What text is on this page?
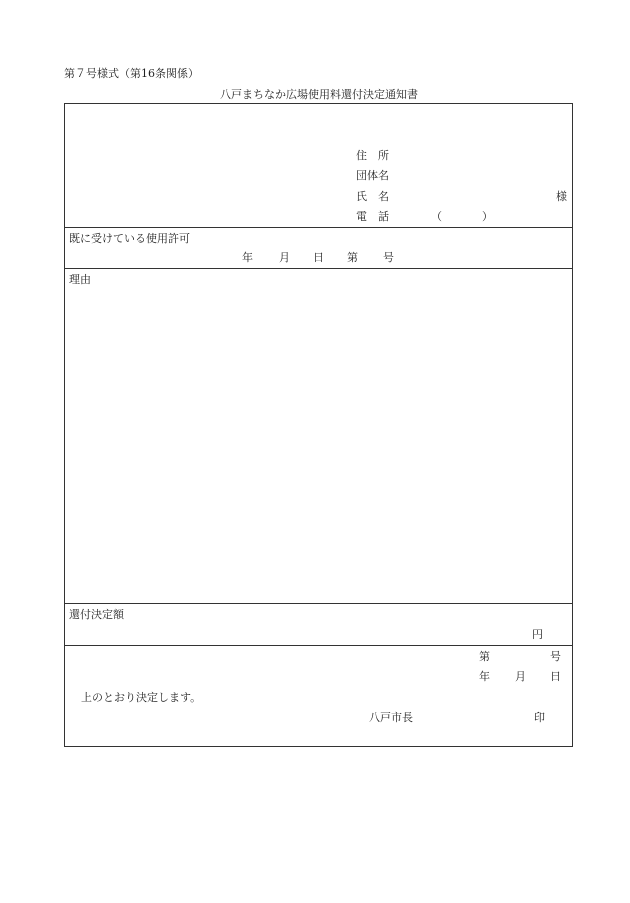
第７号様式（第16条関係）
八戸まちなか広場使用料還付決定通知書
住　所
団体名
氏　名	様
電　話	（	）
既に受けている使用許可
年 月 日 第 号
理由
還付決定額
円
第	号
年 月 日
上のとおり決定します。
八戸市長	印
